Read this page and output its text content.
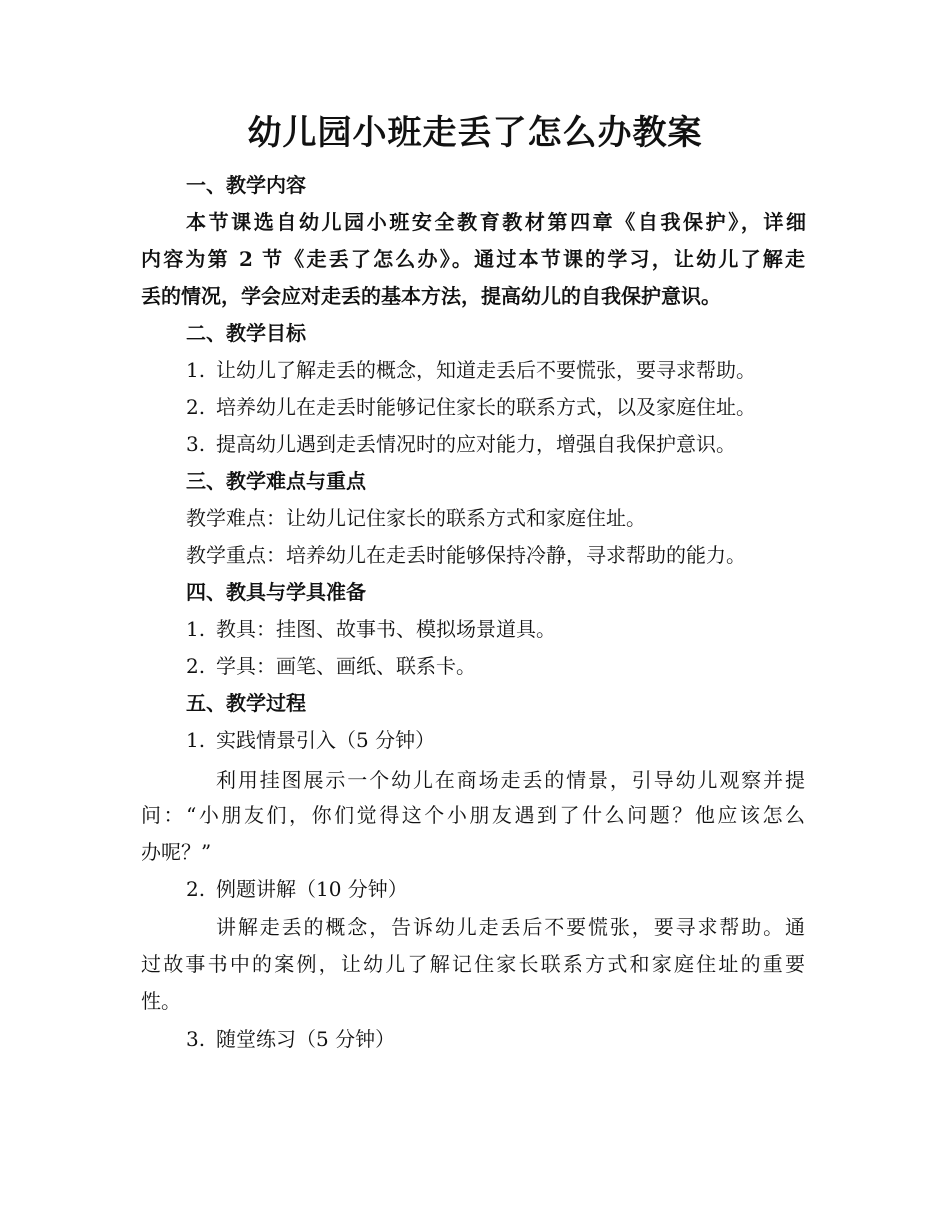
幼儿园小班走丢了怎么办教案
一、教学内容
本节课选自幼儿园小班安全教育教材第四章《自我保护》，详细
内容为第 2 节《走丢了怎么办》。通过本节课的学习，让幼儿了解走
丢的情况，学会应对走丢的基本方法，提高幼儿的自我保护意识。
二、教学目标
1. 让幼儿了解走丢的概念，知道走丢后不要慌张，要寻求帮助。
2. 培养幼儿在走丢时能够记住家长的联系方式，以及家庭住址。
3. 提高幼儿遇到走丢情况时的应对能力，增强自我保护意识。
三、教学难点与重点
教学难点：让幼儿记住家长的联系方式和家庭住址。
教学重点：培养幼儿在走丢时能够保持冷静，寻求帮助的能力。
四、教具与学具准备
1. 教具：挂图、故事书、模拟场景道具。
2. 学具：画笔、画纸、联系卡。
五、教学过程
1. 实践情景引入（5 分钟）
利用挂图展示一个幼儿在商场走丢的情景，引导幼儿观察并提
问：“小朋友们，你们觉得这个小朋友遇到了什么问题？他应该怎么
办呢？”
2. 例题讲解（10 分钟）
讲解走丢的概念，告诉幼儿走丢后不要慌张，要寻求帮助。通
过故事书中的案例，让幼儿了解记住家长联系方式和家庭住址的重要
性。
3. 随堂练习（5 分钟）
